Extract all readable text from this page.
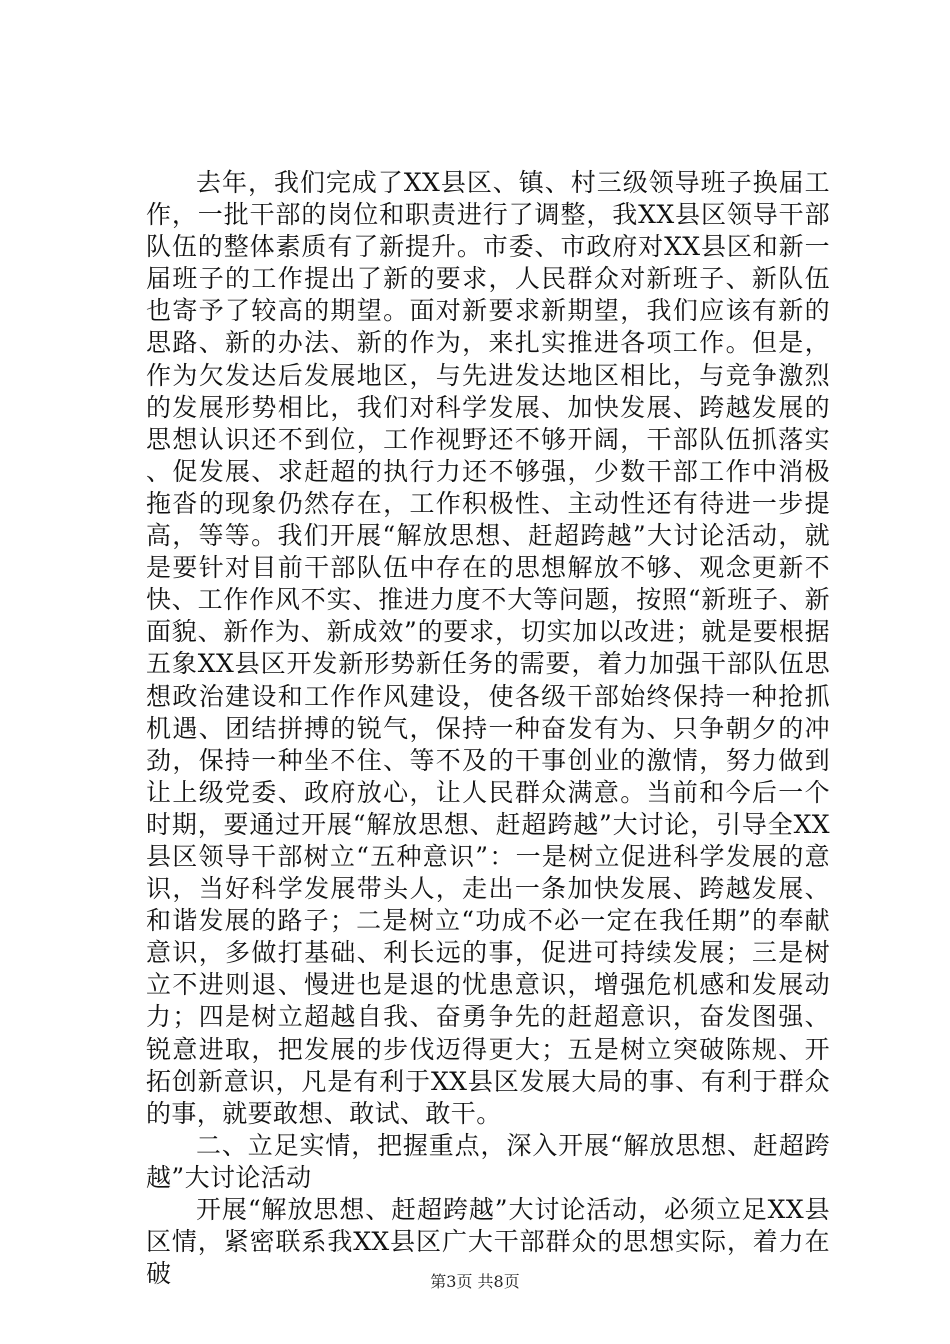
去年，我们完成了XX县区、镇、村三级领导班子换届工作，一批干部的岗位和职责进行了调整，我XX县区领导干部队伍的整体素质有了新提升。市委、市政府对XX县区和新一届班子的工作提出了新的要求，人民群众对新班子、新队伍也寄予了较高的期望。面对新要求新期望，我们应该有新的思路、新的办法、新的作为，来扎实推进各项工作。但是，作为欠发达后发展地区，与先进发达地区相比，与竞争激烈的发展形势相比，我们对科学发展、加快发展、跨越发展的思想认识还不到位，工作视野还不够开阔，干部队伍抓落实、促发展、求赶超的执行力还不够强，少数干部工作中消极拖沓的现象仍然存在，工作积极性、主动性还有待进一步提高，等等。我们开展“解放思想、赶超跨越”大讨论活动，就是要针对目前干部队伍中存在的思想解放不够、观念更新不快、工作作风不实、推进力度不大等问题，按照“新班子、新面貌、新作为、新成效”的要求，切实加以改进；就是要根据五象XX县区开发新形势新任务的需要，着力加强干部队伍思想政治建设和工作作风建设，使各级干部始终保持一种抢抓机遇、团结拼搏的锐气，保持一种奋发有为、只争朝夕的冲劲，保持一种坐不住、等不及的干事创业的激情，努力做到让上级党委、政府放心，让人民群众满意。当前和今后一个时期，要通过开展“解放思想、赶超跨越”大讨论，引导全XX县区领导干部树立“五种意识”：一是树立促进科学发展的意识，当好科学发展带头人，走出一条加快发展、跨越发展、和谐发展的路子；二是树立“功成不必一定在我任期”的奉献意识，多做打基础、利长远的事，促进可持续发展；三是树立不进则退、慢进也是退的忧患意识，增强危机感和发展动力；四是树立超越自我、奋勇争先的赶超意识，奋发图强、锐意进取，把发展的步伐迈得更大；五是树立突破陈规、开拓创新意识，凡是有利于XX县区发展大局的事、有利于群众的事，就要敢想、敢试、敢干。

二、立足实情，把握重点，深入开展“解放思想、赶超跨越”大讨论活动

开展“解放思想、赶超跨越”大讨论活动，必须立足XX县区情，紧密联系我XX县区广大干部群众的思想实际，着力在破	第3页 共8页
